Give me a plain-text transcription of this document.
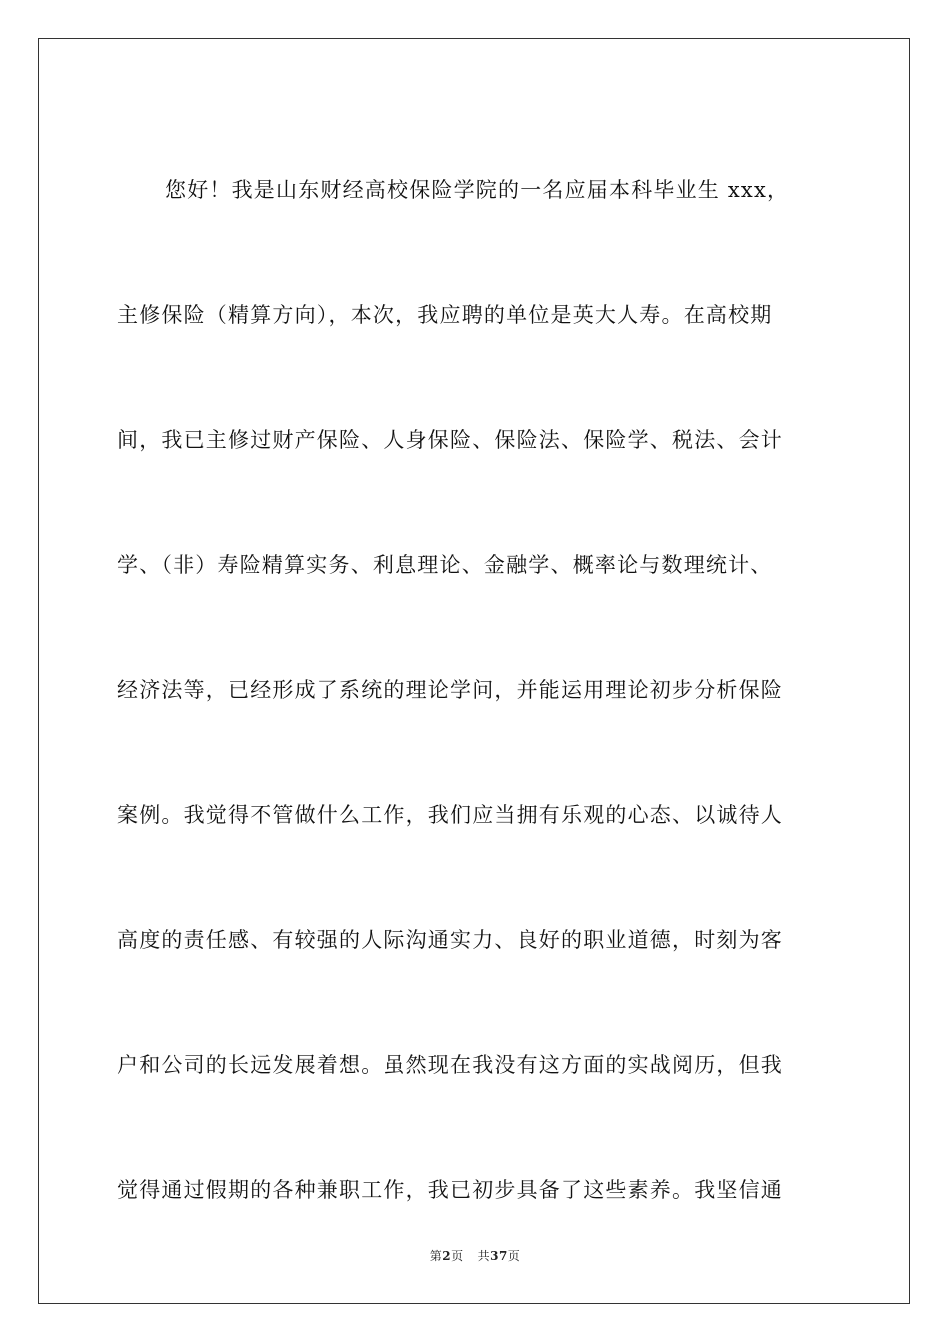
您好！我是山东财经高校保险学院的一名应届本科毕业生 xxx，
主修保险（精算方向），本次，我应聘的单位是英大人寿。在高校期
间，我已主修过财产保险、人身保险、保险法、保险学、税法、会计
学、（非）寿险精算实务、利息理论、金融学、概率论与数理统计、
经济法等，已经形成了系统的理论学问，并能运用理论初步分析保险
案例。我觉得不管做什么工作，我们应当拥有乐观的心态、以诚待人
高度的责任感、有较强的人际沟通实力、良好的职业道德，时刻为客
户和公司的长远发展着想。虽然现在我没有这方面的实战阅历，但我
觉得通过假期的各种兼职工作，我已初步具备了这些素养。我坚信通
第2页 共37页
